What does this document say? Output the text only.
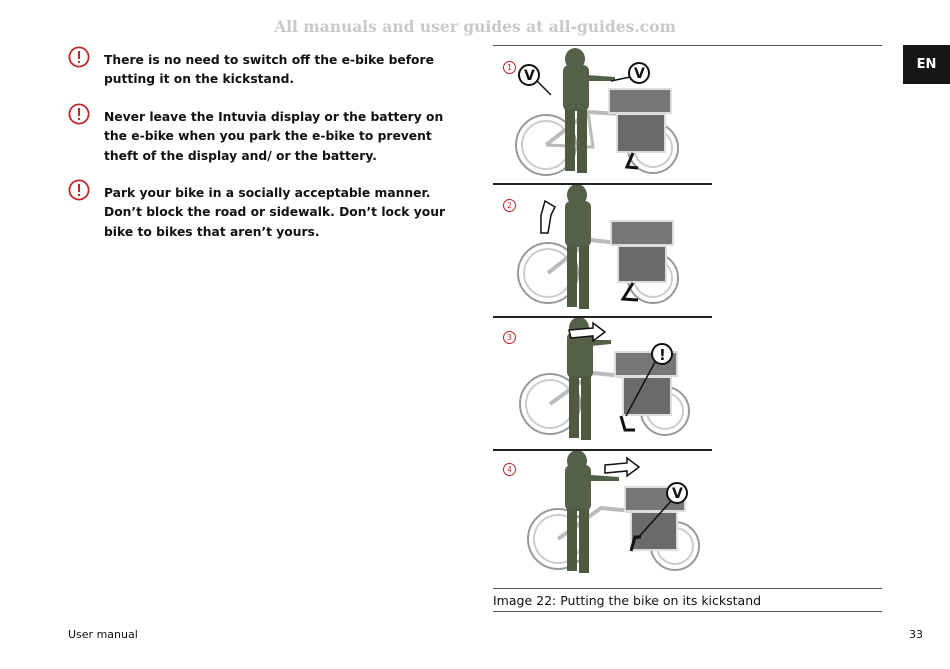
All manuals and user guides at all-guides.com
EN
There is no need to switch off the e-bike before putting it on the kickstand.
Never leave the Intuvia display or the battery on the e-bike when you park the e-bike to prevent theft of the display and/ or the battery.
Park your bike in a socially acceptable manner. Don’t block the road or sidewalk. Don’t lock your bike to bikes that aren’t yours.
1
V	V
2
3
!
4
V
Image 22: Putting the bike on its kickstand
User manual	33
